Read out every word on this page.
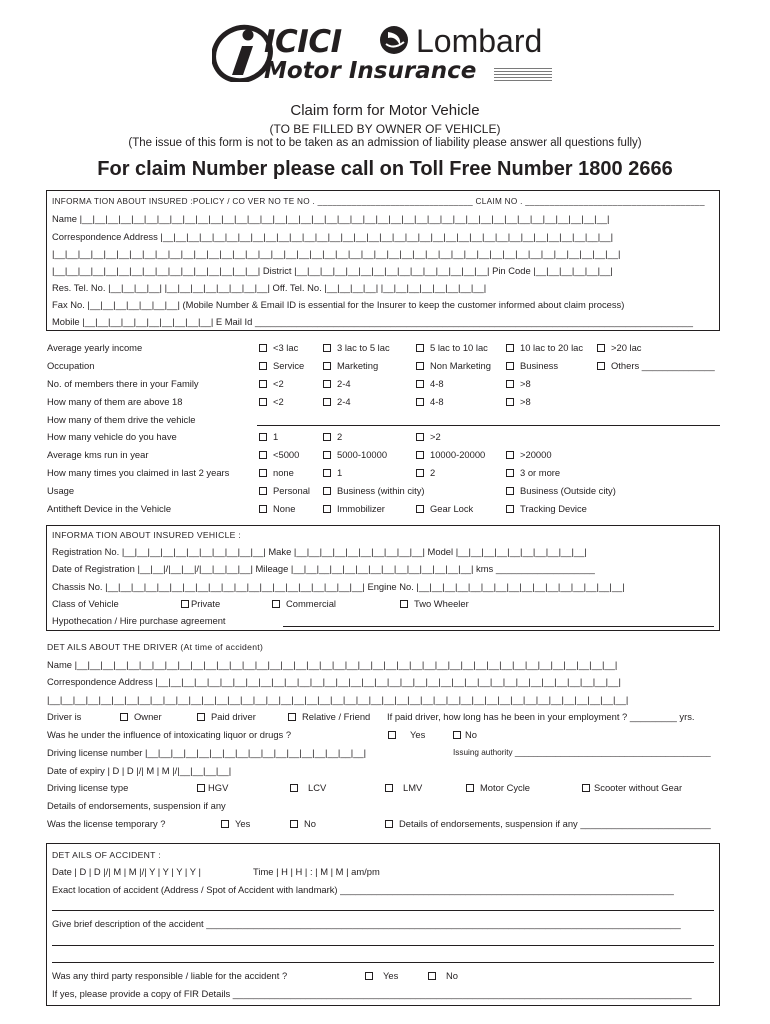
ICICI Lombard
Motor Insurance
Claim form for Motor Vehicle
(TO BE FILLED BY OWNER OF VEHICLE)
(The issue of this form is not to be taken as an admission of liability please answer all questions fully)
For claim Number please call on Toll Free Number 1800 2666
INFORMA TION ABOUT INSURED :POLICY / CO VER NO TE NO . ________________________________ CLAIM NO . _____________________________________
Name |__|__|__|__|__|__|__|__|__|__|__|__|__|__|__|__|__|__|__|__|__|__|__|__|__|__|__|__|__|__|__|__|__|__|__|__|__|__|__|__|__|
Correspondence Address |__|__|__|__|__|__|__|__|__|__|__|__|__|__|__|__|__|__|__|__|__|__|__|__|__|__|__|__|__|__|__|__|__|__|__|
|__|__|__|__|__|__|__|__|__|__|__|__|__|__|__|__|__|__|__|__|__|__|__|__|__|__|__|__|__|__|__|__|__|__|__|__|__|__|__|__|__|__|__|__|
|__|__|__|__|__|__|__|__|__|__|__|__|__|__|__|__| District |__|__|__|__|__|__|__|__|__|__|__|__|__|__|__| Pin Code |__|__|__|__|__|__|
Res. Tel. No. |__|__|__|__| |__|__|__|__|__|__|__|__| Off. Tel. No. |__|__|__|__| |__|__|__|__|__|__|__|__|
Fax No. |__|__|__|__|__|__|__| (Mobile Number & Email ID is essential for the Insurer to keep the customer informed about claim process)
Mobile |__|__|__|__|__|__|__|__|__|__| E Mail Id ____________________________________________________________________________________
Average yearly income	<3 lac	3 lac to 5 lac	5 lac to 10 lac	10 lac to 20 lac	>20 lac
Occupation	Service	Marketing	Non Marketing	Business	Others ______________
No. of members there in your Family	<2	2-4	4-8	>8
How many of them are above 18	<2	2-4	4-8	>8
How many of them drive the vehicle
How many vehicle do you have	1	2	>2
Average kms run in year	<5000	5000-10000	10000-20000	>20000
How many times you claimed in last 2 years	none	1	2	3 or more
Usage	Personal	Business (within city)	Business (Outside city)
Antitheft Device in the Vehicle	None	Immobilizer	Gear Lock	Tracking Device
INFORMA TION ABOUT INSURED VEHICLE :
Registration No. |__|__|__|__|__|__|__|__|__|__|__| Make |__|__|__|__|__|__|__|__|__|__| Model |__|__|__|__|__|__|__|__|__|__|
Date of Registration |__|__|/|__|__|/|__|__|__|__| Mileage |__|__|__|__|__|__|__|__|__|__|__|__|__|__| kms ___________________
Chassis No. |__|__|__|__|__|__|__|__|__|__|__|__|__|__|__|__|__|__|__|__| Engine No. |__|__|__|__|__|__|__|__|__|__|__|__|__|__|__|__|
Class of Vehicle	Private	Commercial	Two Wheeler
Hypothecation / Hire purchase agreement
DET AILS ABOUT THE DRIVER (At time of accident)
Name |__|__|__|__|__|__|__|__|__|__|__|__|__|__|__|__|__|__|__|__|__|__|__|__|__|__|__|__|__|__|__|__|__|__|__|__|__|__|__|__|__|__|
Correspondence Address |__|__|__|__|__|__|__|__|__|__|__|__|__|__|__|__|__|__|__|__|__|__|__|__|__|__|__|__|__|__|__|__|__|__|__|__|
|__|__|__|__|__|__|__|__|__|__|__|__|__|__|__|__|__|__|__|__|__|__|__|__|__|__|__|__|__|__|__|__|__|__|__|__|__|__|__|__|__|__|__|__|__|
Driver is	Owner	Paid driver	Relative / Friend If paid driver, how long has he been in your employment ? _________ yrs.
Was he under the influence of intoxicating liquor or drugs ?	Yes	No
Driving license number |__|__|__|__|__|__|__|__|__|__|__|__|__|__|__|__|__|	Issuing authority ___________________________________________
Date of expiry | D | D |/| M | M |/|__|__|__|__|
Driving license type	HGV	LCV	LMV	Motor Cycle	Scooter without Gear
Details of endorsements, suspension if any
Was the license temporary ?	Yes	No	Details of endorsements, suspension if any _________________________
DET AILS OF ACCIDENT :
Date | D | D |/| M | M |/| Y | Y | Y | Y |	Time | H | H | : | M | M | am/pm
Exact location of accident (Address / Spot of Accident with landmark) ________________________________________________________________
Give brief description of the accident ___________________________________________________________________________________________
Was any third party responsible / liable for the accident ?	Yes	No
If yes, please provide a copy of FIR Details ________________________________________________________________________________________
